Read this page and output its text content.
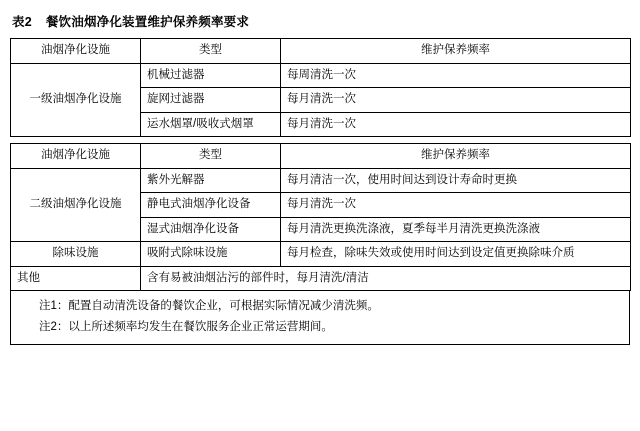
表2 餐饮油烟净化装置维护保养频率要求
油烟净化设施	类型	维护保养频率
一级油烟净化设施	机械过滤器	每周清洗一次
	旋网过滤器	每月清洗一次
	运水烟罩/吸收式烟罩	每月清洗一次
油烟净化设施	类型	维护保养频率
二级油烟净化设施	紫外光解器	每月清洁一次，使用时间达到设计寿命时更换
	静电式油烟净化设备	每月清洗一次
	湿式油烟净化设备	每月清洗更换洗涤液，夏季每半月清洗更换洗涤液
除味设施	吸附式除味设施	每月检查，除味失效或使用时间达到设定值更换除味介质
其他	含有易被油烟沾污的部件时，每月清洗/清洁	
注1：配置自动清洗设备的餐饮企业，可根据实际情况减少清洗频。
注2：以上所述频率均发生在餐饮服务企业正常运营期间。
